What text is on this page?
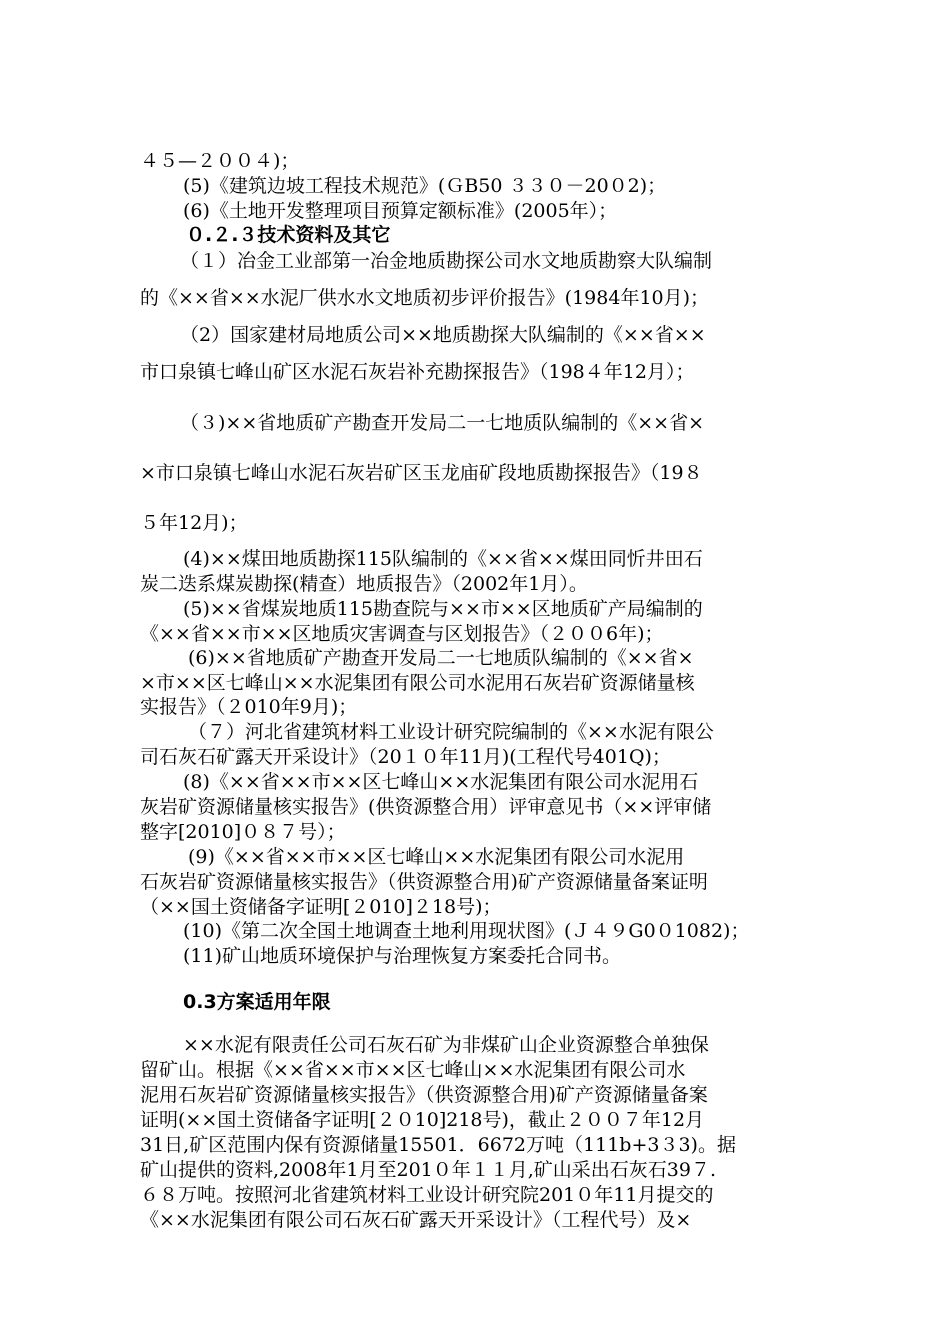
４５—２００４)；
(5)《建筑边坡工程技术规范》(ＧB50 ３３０－20０2)；
(6)《土地开发整理项目预算定额标准》(2005年）；
０.２.３技术资料及其它
（１）冶金工业部第一冶金地质勘探公司水文地质勘察大队编制
的《××省××水泥厂供水水文地质初步评价报告》(1984年10月)；
（2）国家建材局地质公司××地质勘探大队编制的《××省××
市口泉镇七峰山矿区水泥石灰岩补充勘探报告》（198４年12月）；
（３)××省地质矿产勘查开发局二一七地质队编制的《××省×
×市口泉镇七峰山水泥石灰岩矿区玉龙庙矿段地质勘探报告》（19８
５年12月)；
(4)××煤田地质勘探115队编制的《××省××煤田同忻井田石
炭二迭系煤炭勘探(精查）地质报告》（2002年1月）。
(5)××省煤炭地质115勘查院与××市××区地质矿产局编制的
《××省××市××区地质灾害调查与区划报告》（２００6年)；
(6)××省地质矿产勘查开发局二一七地质队编制的《××省×
×市××区七峰山××水泥集团有限公司水泥用石灰岩矿资源储量核
实报告》（２010年9月)；
（７）河北省建筑材料工业设计研究院编制的《××水泥有限公
司石灰石矿露天开采设计》（20１０年11月)(工程代号401Q)；
(8)《××省××市××区七峰山××水泥集团有限公司水泥用石
灰岩矿资源储量核实报告》(供资源整合用）评审意见书（××评审储
整字[2010]０８７号）；
(9)《××省××市××区七峰山××水泥集团有限公司水泥用
石灰岩矿资源储量核实报告》（供资源整合用)矿产资源储量备案证明
（××国土资储备字证明[２010]２18号)；
(10)《第二次全国土地调查土地利用现状图》(Ｊ４９G0０1082)；
(11)矿山地质环境保护与治理恢复方案委托合同书。
0.3方案适用年限
××水泥有限责任公司石灰石矿为非煤矿山企业资源整合单独保
留矿山。根据《××省××市××区七峰山××水泥集团有限公司水
泥用石灰岩矿资源储量核实报告》（供资源整合用)矿产资源储量备案
证明(××国土资储备字证明[２０10]218号)，截止２００７年12月
31日,矿区范围内保有资源储量15501．6672万吨（111b+3３3)。据
矿山提供的资料,2008年1月至201０年１１月,矿山采出石灰石39７.
６８万吨。按照河北省建筑材料工业设计研究院201０年11月提交的
《××水泥集团有限公司石灰石矿露天开采设计》（工程代号）及×
